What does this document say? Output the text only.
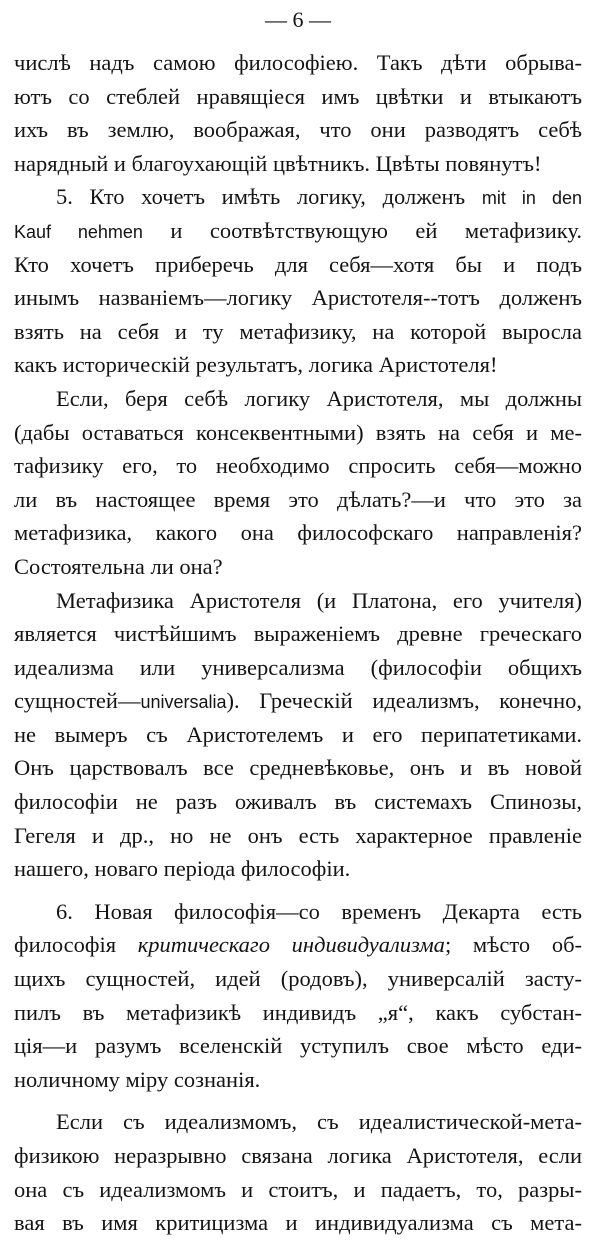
— 6 —
числѣ надъ самою философіею. Такъ дѣти обрыва-
ютъ со стеблей нравящіеся имъ цвѣтки и втыкаютъ
ихъ въ землю, воображая, что они разводятъ себѣ
нарядный и благоухающій цвѣтникъ. Цвѣты повянутъ!
5. Кто хочетъ имѣть логику, долженъ mit in den
Kauf nehmen и соотвѣтствующую ей метафизику.
Кто хочетъ приберечь для себя—хотя бы и подъ
инымъ названіемъ—логику Аристотеля--тотъ долженъ
взять на себя и ту метафизику, на которой выросла
какъ историческій результатъ, логика Аристотеля!
Если, беря себѣ логику Аристотеля, мы должны
(дабы оставаться консеквентными) взять на себя и ме-
тафизику его, то необходимо спросить себя—можно
ли въ настоящее время это дѣлать?—и что это за
метафизика, какого она философскаго направленія?
Состоятельна ли она?
Метафизика Аристотеля (и Платона, его учителя)
является чистѣйшимъ выраженіемъ древне греческаго
идеализма или универсализма (философіи общихъ
сущностей—universalia). Греческій идеализмъ, конечно,
не вымеръ съ Аристотелемъ и его перипатетиками.
Онъ царствовалъ все средневѣковье, онъ и въ новой
философіи не разъ оживалъ въ системахъ Спинозы,
Гегеля и др., но не онъ есть характерное правленіе
нашего, новаго періода философіи.
6. Новая философія—со временъ Декарта есть
философія критическаго индивидуализма; мѣсто об-
щихъ сущностей, идей (родовъ), универсалій засту-
пилъ въ метафизикѣ индивидъ „я“, какъ субстан-
ція—и разумъ вселенскій уступилъ свое мѣсто еди-
ноличному міру сознанія.
Если съ идеализмомъ, съ идеалистической-мета-
физикою неразрывно связана логика Аристотеля, если
она съ идеализмомъ и стоитъ, и падаетъ, то, разры-
вая въ имя критицизма и индивидуализма съ мета-
